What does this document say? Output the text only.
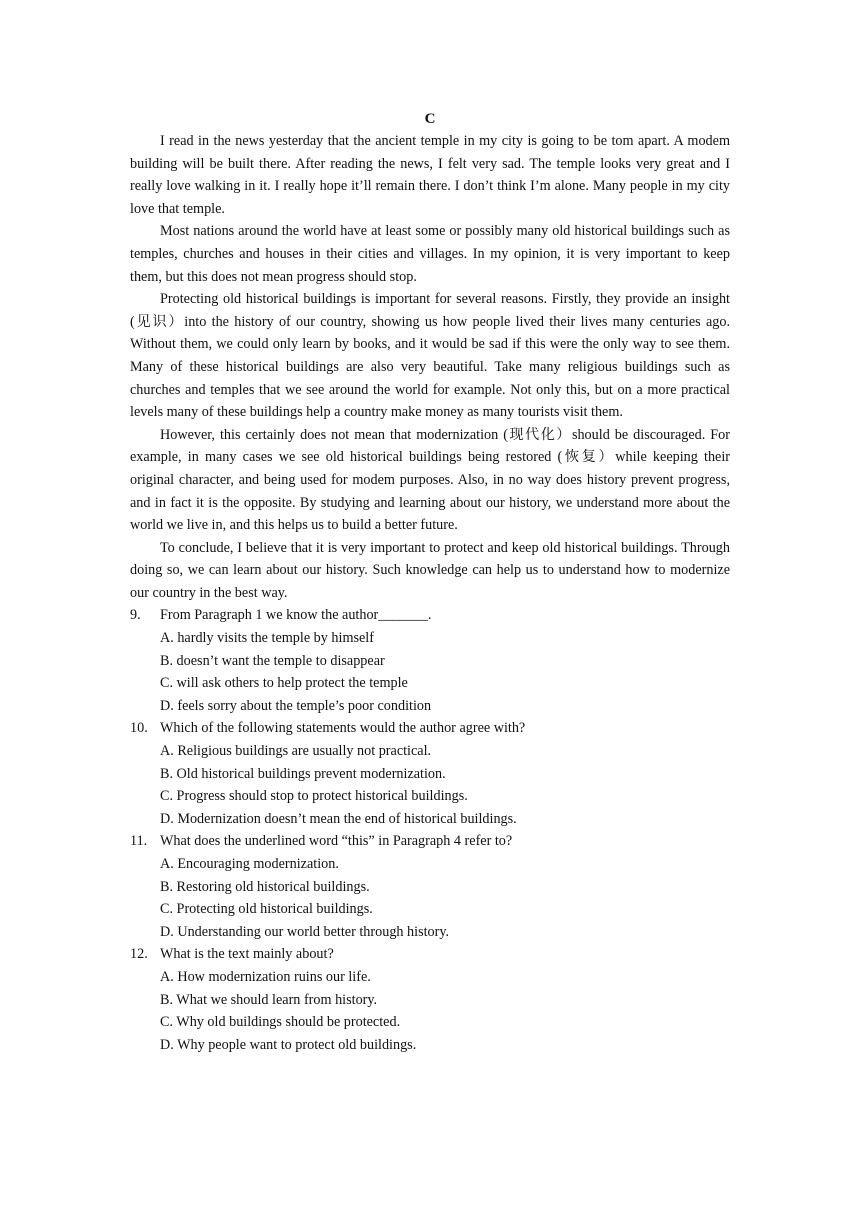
C

I read in the news yesterday that the ancient temple in my city is going to be tom apart. A modem building will be built there. After reading the news, I felt very sad. The temple looks very great and I really love walking in it. I really hope it’ll remain there. I don’t think I’m alone. Many people in my city love that temple.

Most nations around the world have at least some or possibly many old historical buildings such as temples, churches and houses in their cities and villages. In my opinion, it is very important to keep them, but this does not mean progress should stop.

Protecting old historical buildings is important for several reasons. Firstly, they provide an insight (见识）into the history of our country, showing us how people lived their lives many centuries ago. Without them, we could only learn by books, and it would be sad if this were the only way to see them. Many of these historical buildings are also very beautiful. Take many religious buildings such as churches and temples that we see around the world for example. Not only this, but on a more practical levels many of these buildings help a country make money as many tourists visit them.

However, this certainly does not mean that modernization (现代化）should be discouraged. For example, in many cases we see old historical buildings being restored (恢复）while keeping their original character, and being used for modem purposes. Also, in no way does history prevent progress, and in fact it is the opposite. By studying and learning about our history, we understand more about the world we live in, and this helps us to build a better future.

To conclude, I believe that it is very important to protect and keep old historical buildings. Through doing so, we can learn about our history. Such knowledge can help us to understand how to modernize our country in the best way.

9.	From Paragraph 1 we know the author_______.
A. hardly visits the temple by himself
B. doesn’t want the temple to disappear
C. will ask others to help protect the temple
D. feels sorry about the temple’s poor condition
10. Which of the following statements would the author agree with?
A. Religious buildings are usually not practical.
B. Old historical buildings prevent modernization.
C. Progress should stop to protect historical buildings.
D. Modernization doesn’t mean the end of historical buildings.
11. What does the underlined word “this” in Paragraph 4 refer to?
A. Encouraging modernization.
B. Restoring old historical buildings.
C. Protecting old historical buildings.
D. Understanding our world better through history.
12. What is the text mainly about?
A. How modernization ruins our life.
B. What we should learn from history.
C. Why old buildings should be protected.
D. Why people want to protect old buildings.
